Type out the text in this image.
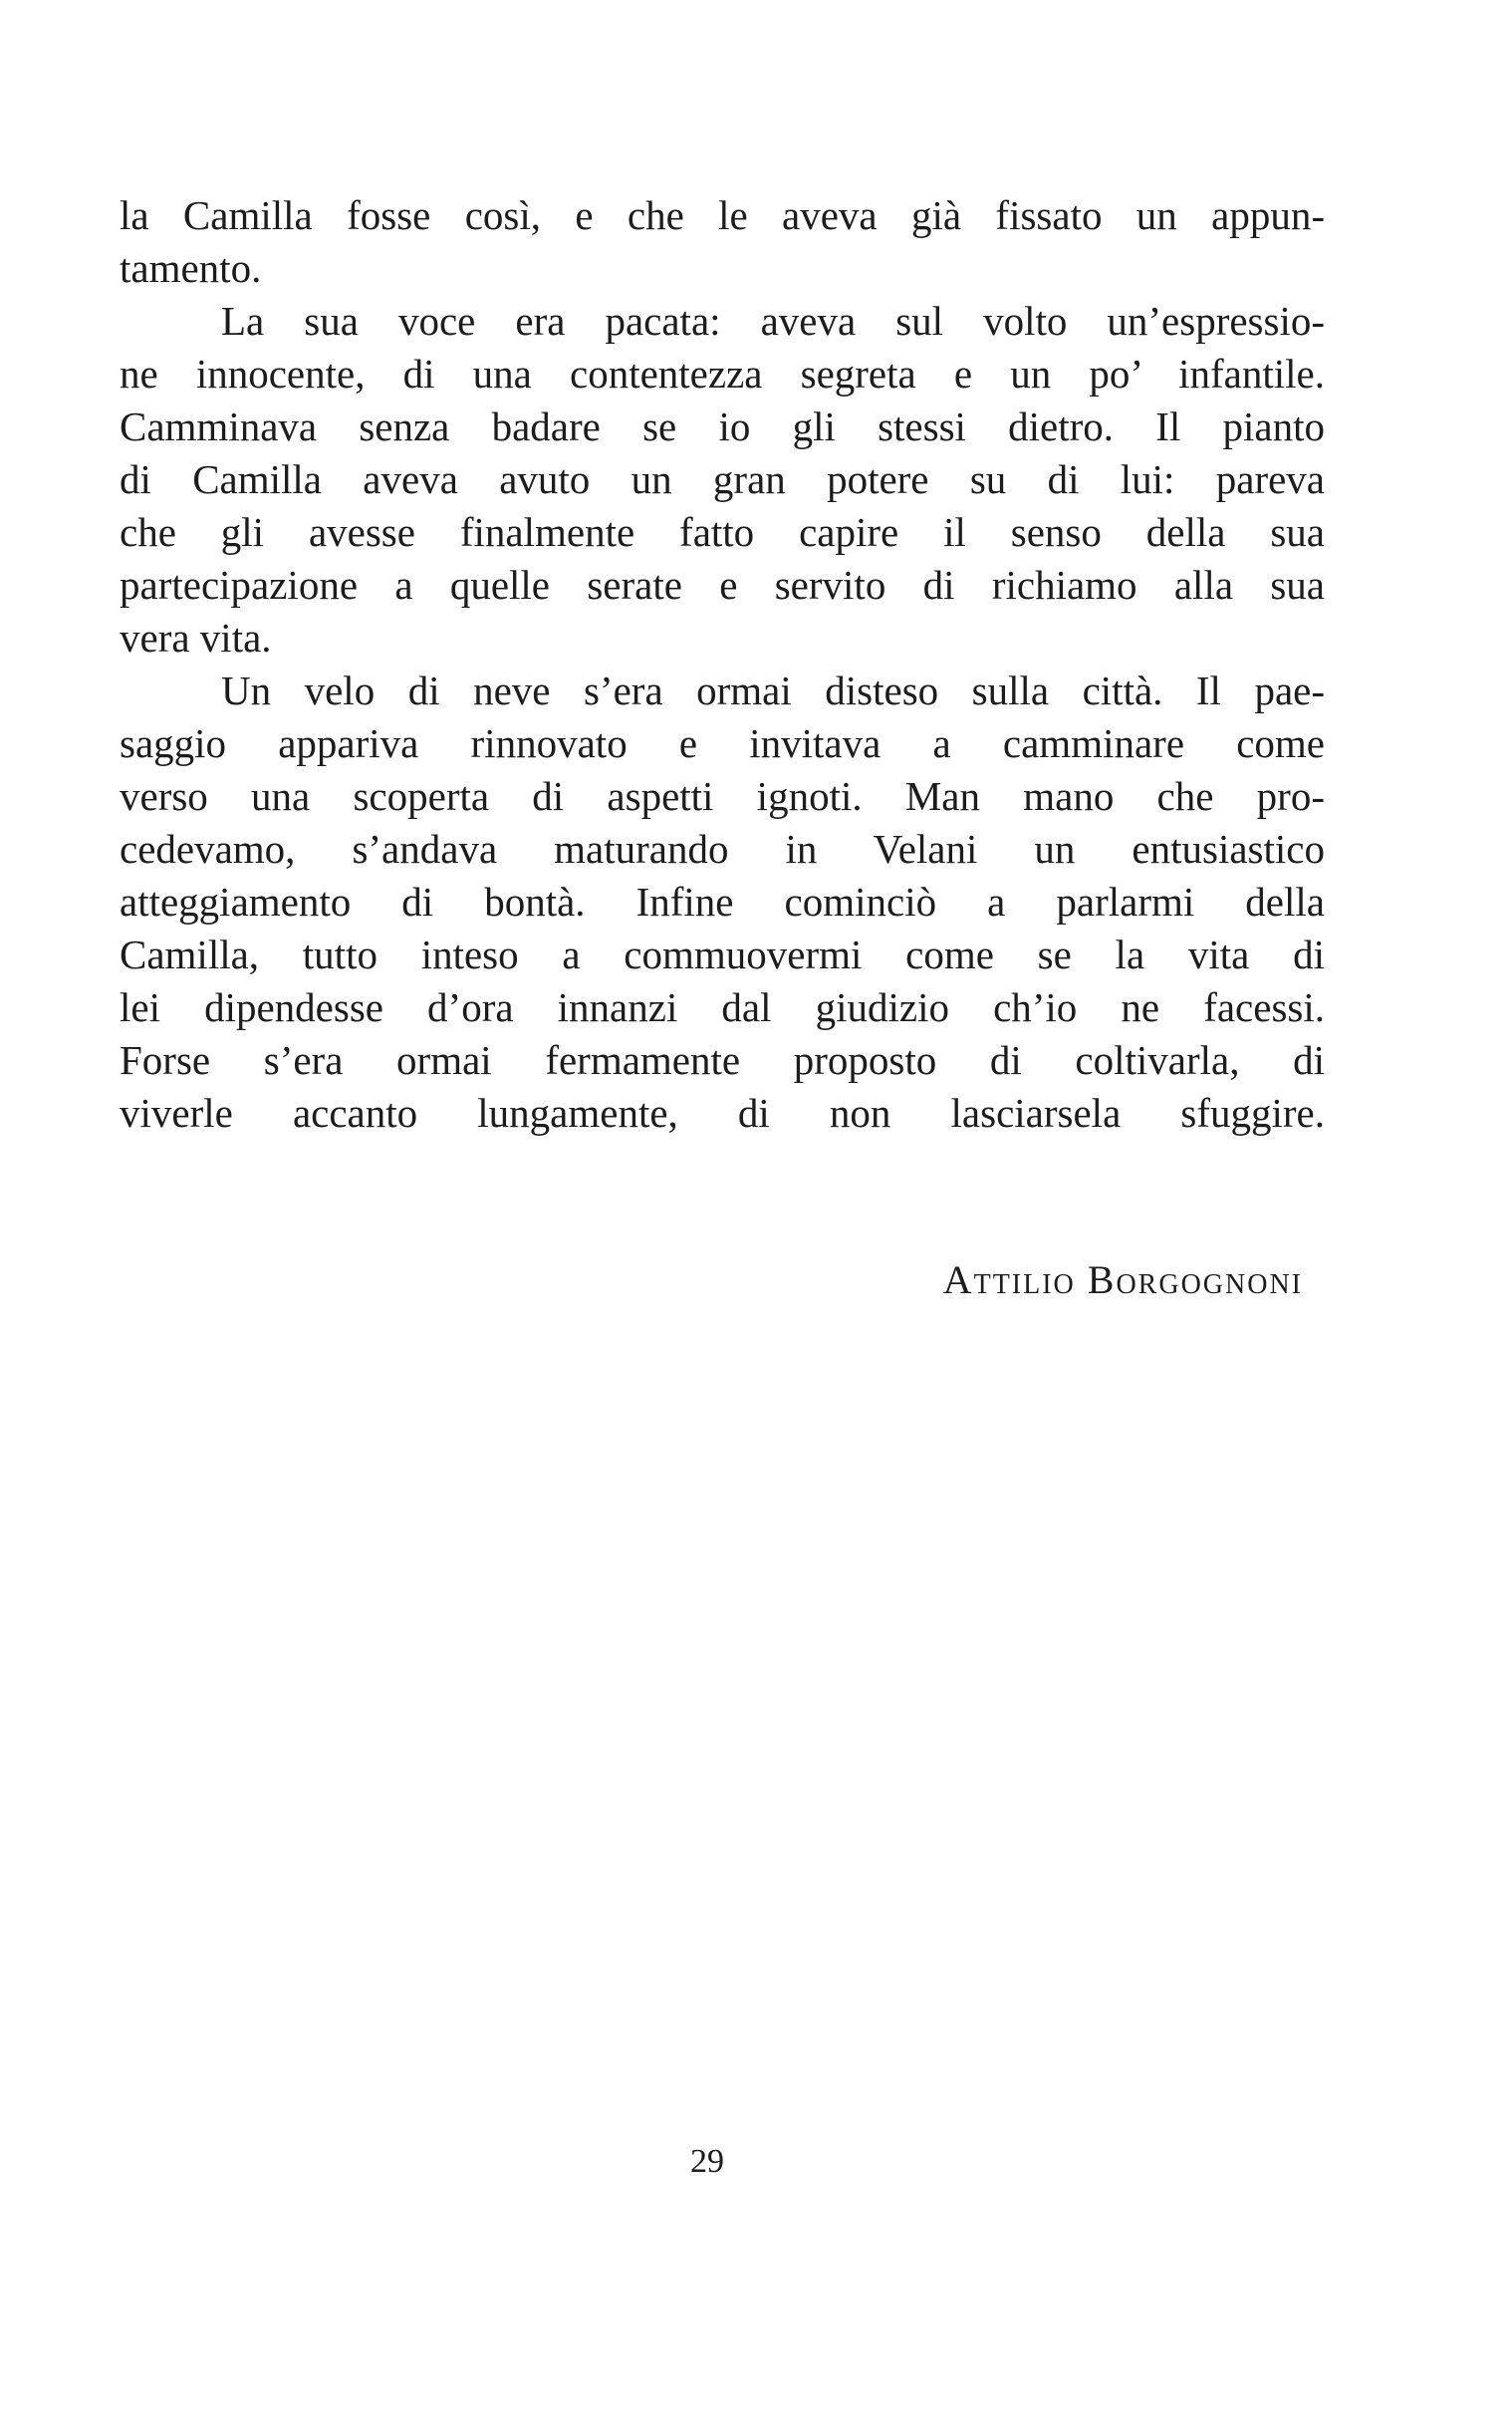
la Camilla fosse così, e che le aveva già fissato un appun-
tamento.
La sua voce era pacata: aveva sul volto un’espressio-
ne innocente, di una contentezza segreta e un po’ infantile.
Camminava senza badare se io gli stessi dietro. Il pianto
di Camilla aveva avuto un gran potere su di lui: pareva
che gli avesse finalmente fatto capire il senso della sua
partecipazione a quelle serate e servito di richiamo alla sua
vera vita.
Un velo di neve s’era ormai disteso sulla città. Il pae-
saggio appariva rinnovato e invitava a camminare come
verso una scoperta di aspetti ignoti. Man mano che pro-
cedevamo, s’andava maturando in Velani un entusiastico
atteggiamento di bontà. Infine cominciò a parlarmi della
Camilla, tutto inteso a commuovermi come se la vita di
lei dipendesse d’ora innanzi dal giudizio ch’io ne facessi.
Forse s’era ormai fermamente proposto di coltivarla, di
viverle accanto lungamente, di non lasciarsela sfuggire.
Attilio Borgognoni
29
